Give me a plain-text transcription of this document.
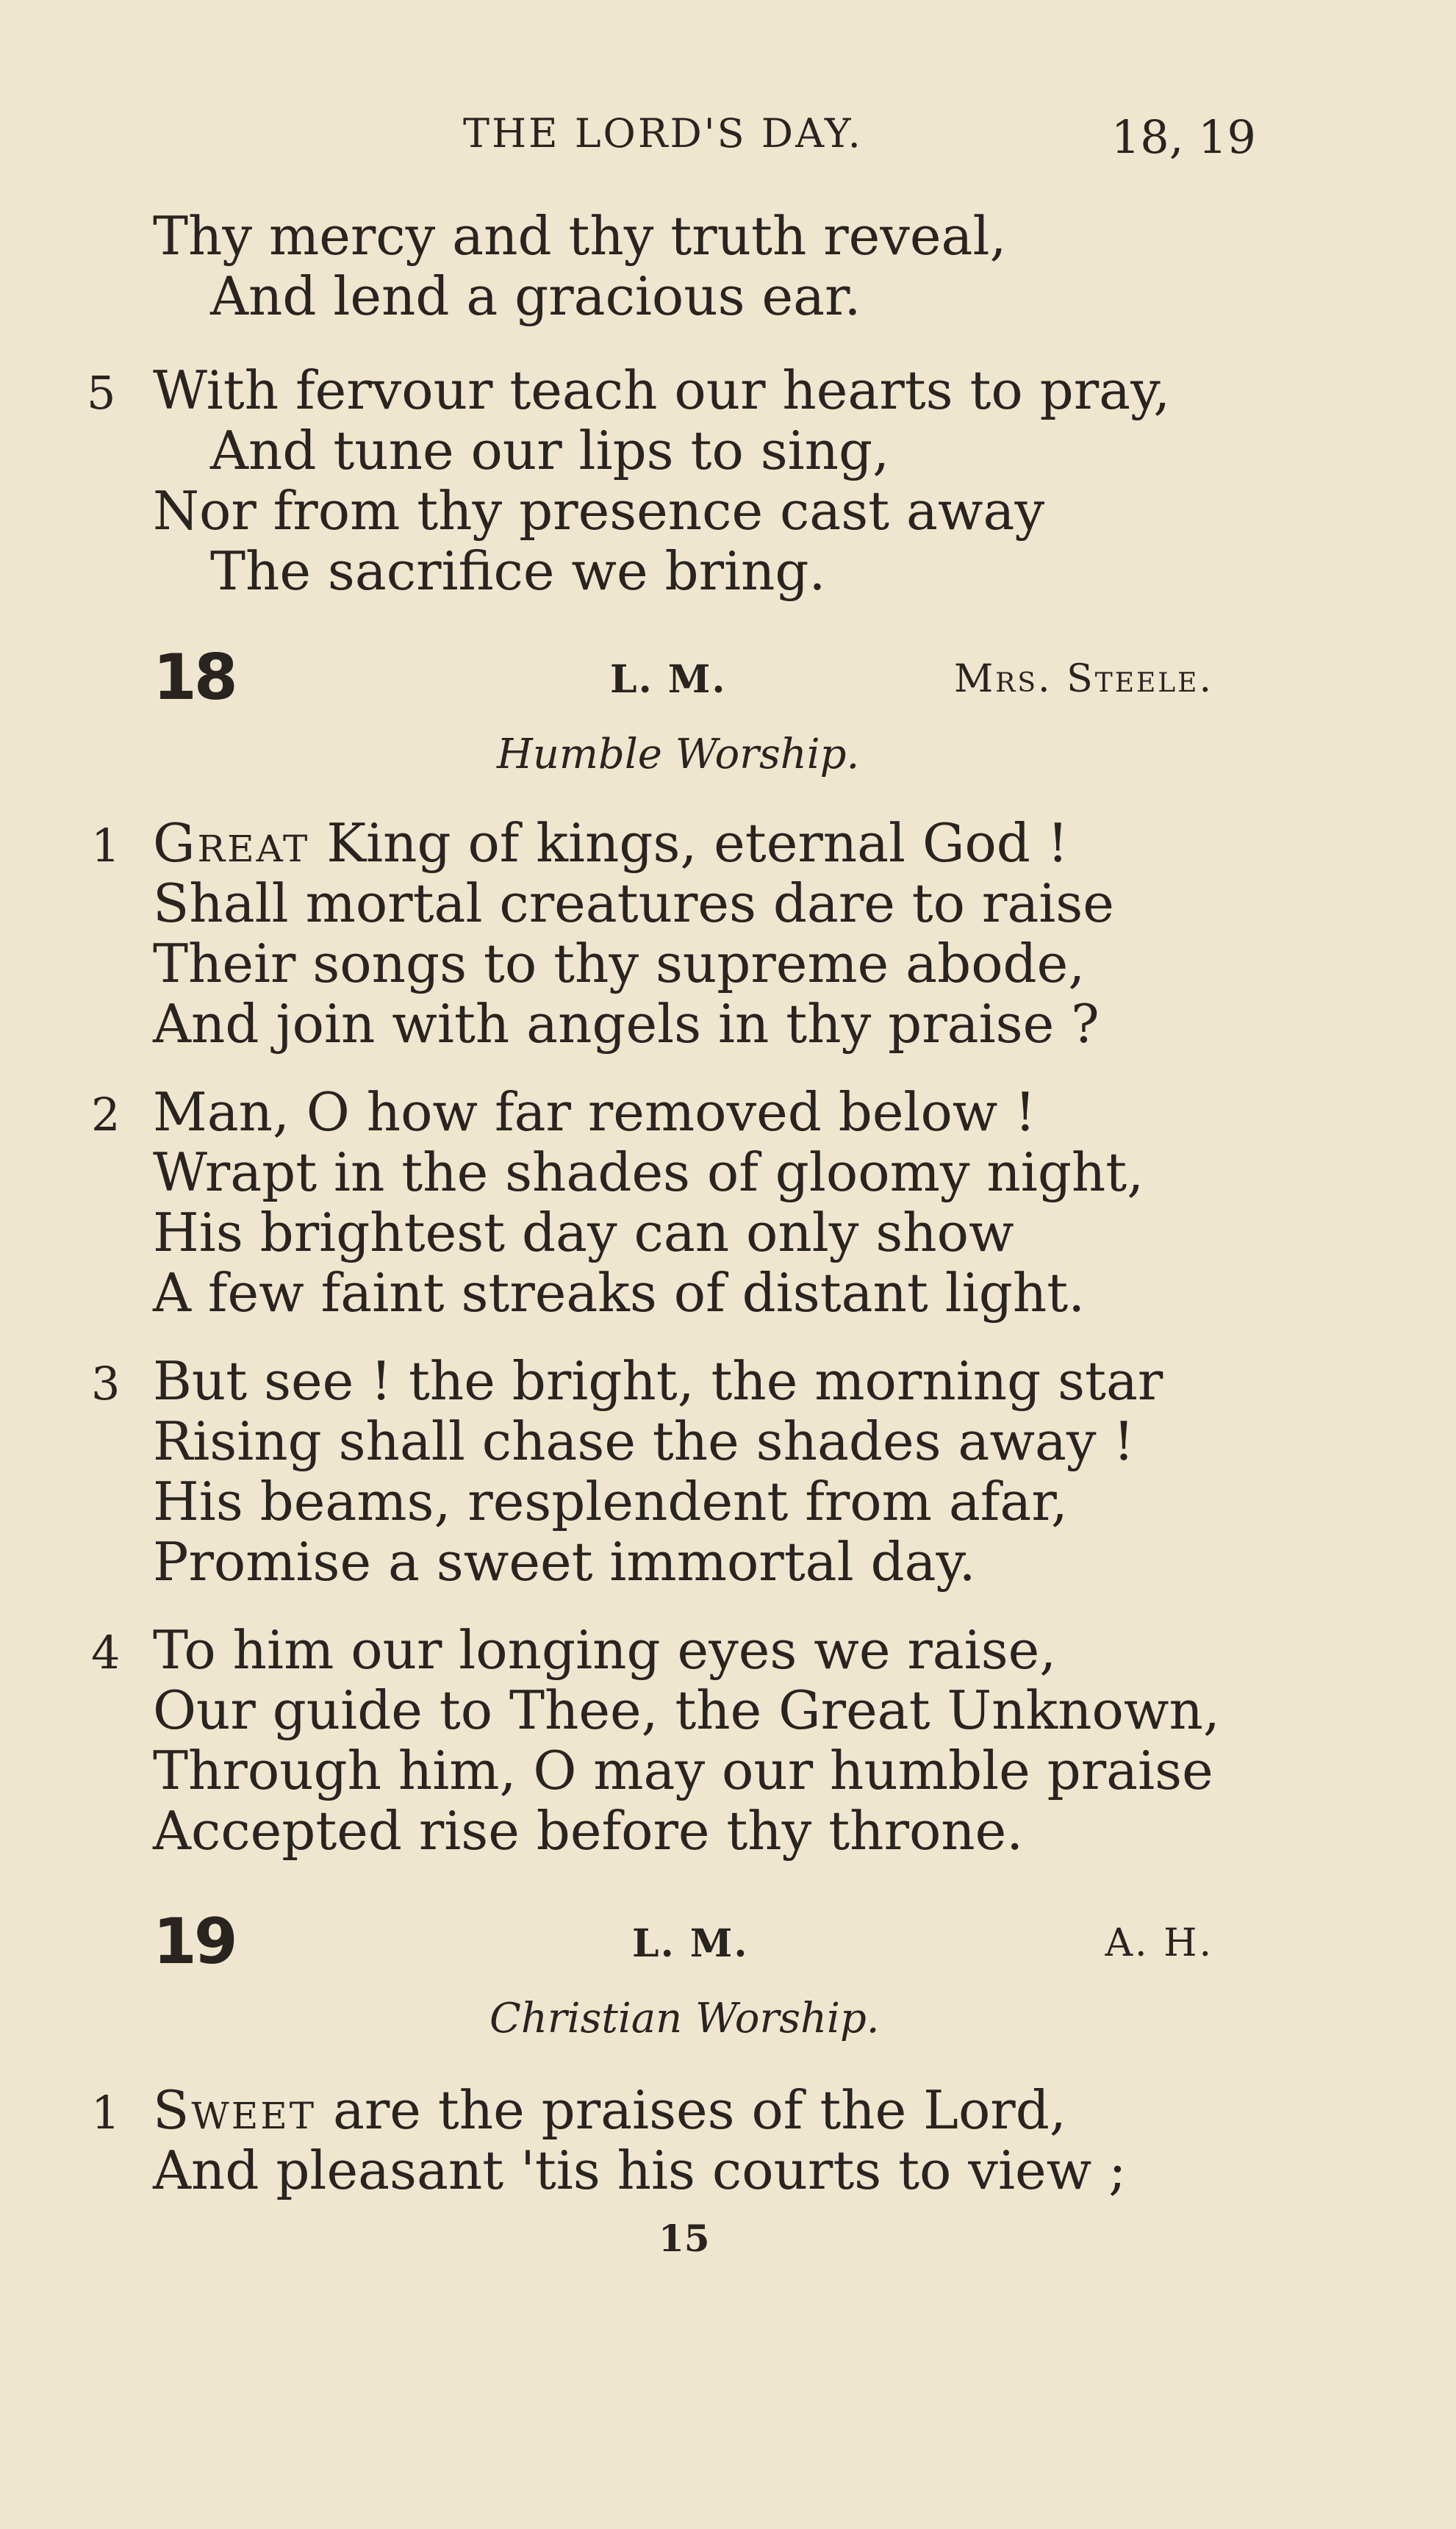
THE LORD'S DAY.	18, 19
Thy mercy and thy truth reveal,
And lend a gracious ear.
5 With fervour teach our hearts to pray,
And tune our lips to sing,
Nor from thy presence cast away
The sacrifice we bring.
18	L. M.	Mrs. Steele.
Humble Worship.
1 Great King of kings, eternal God !
Shall mortal creatures dare to raise
Their songs to thy supreme abode,
And join with angels in thy praise ?
2 Man, O how far removed below !
Wrapt in the shades of gloomy night,
His brightest day can only show
A few faint streaks of distant light.
3 But see ! the bright, the morning star
Rising shall chase the shades away !
His beams, resplendent from afar,
Promise a sweet immortal day.
4 To him our longing eyes we raise,
Our guide to Thee, the Great Unknown,
Through him, O may our humble praise
Accepted rise before thy throne.
19	L. M.	A. H.
Christian Worship.
1 Sweet are the praises of the Lord,
And pleasant 'tis his courts to view ;
15
